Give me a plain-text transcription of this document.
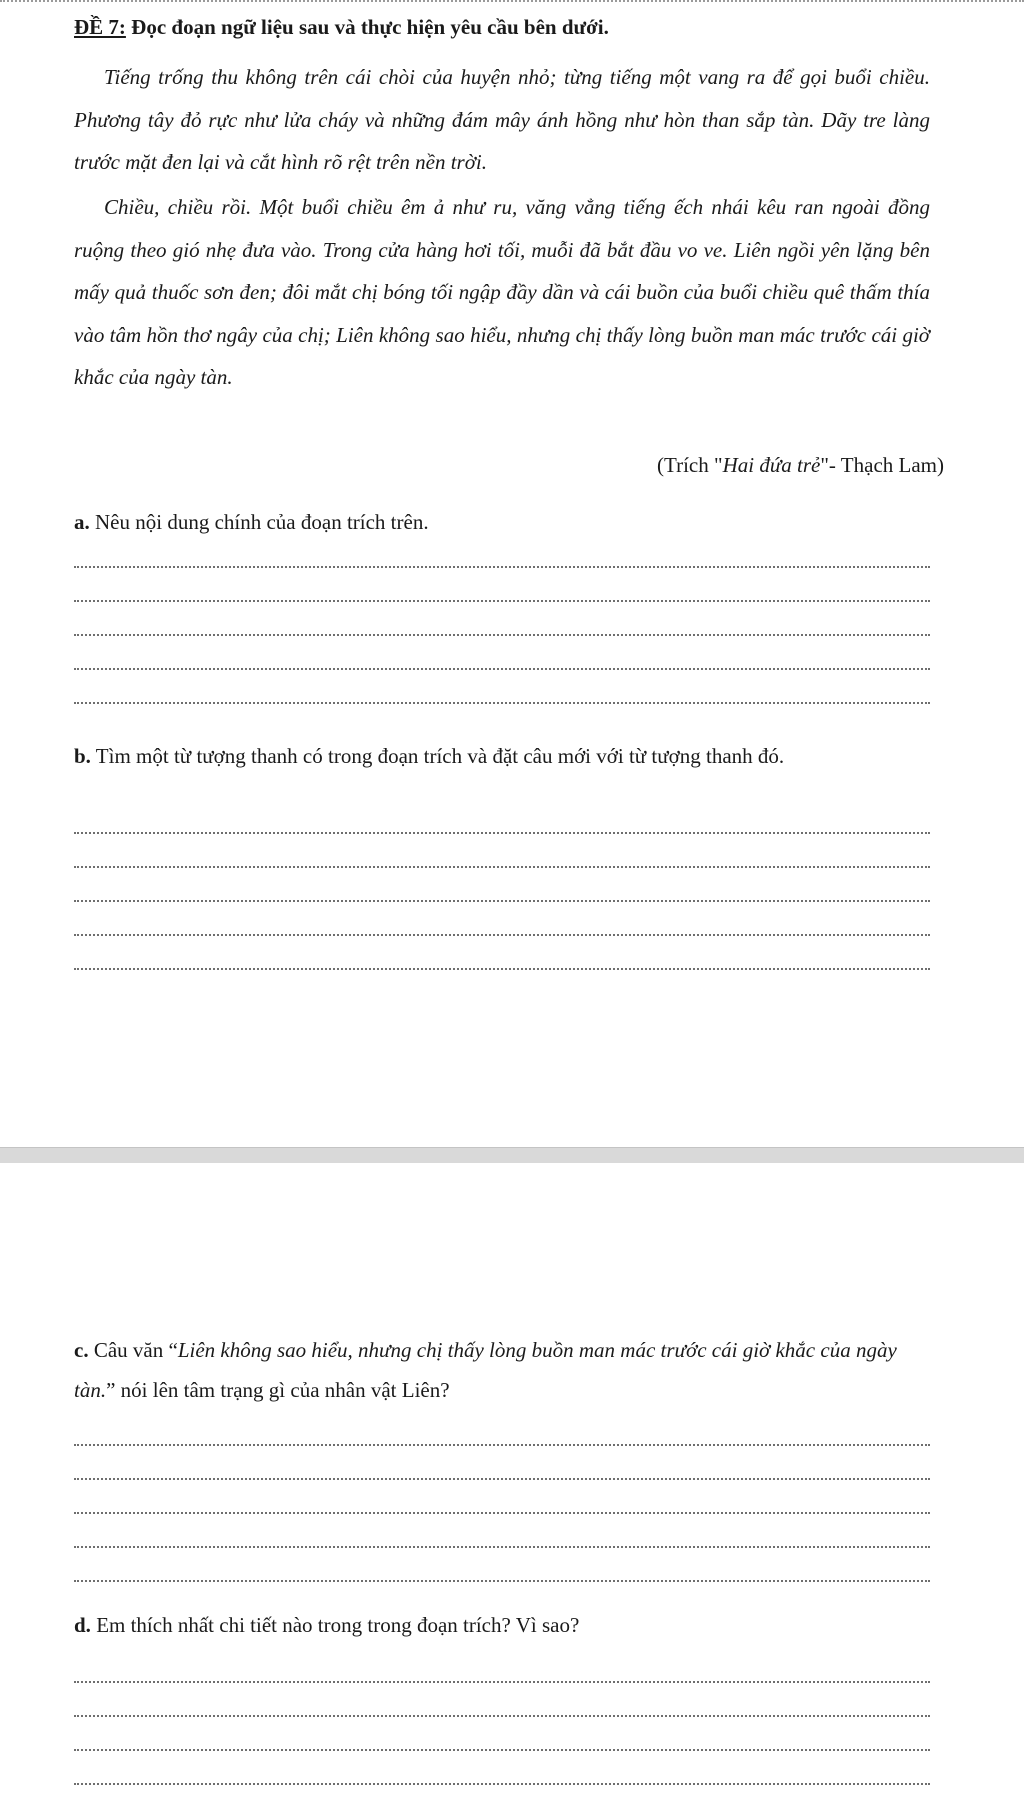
ĐỀ 7: Đọc đoạn ngữ liệu sau và thực hiện yêu cầu bên dưới.

Tiếng trống thu không trên cái chòi của huyện nhỏ; từng tiếng một vang ra để gọi buổi chiều. Phương tây đỏ rực như lửa cháy và những đám mây ánh hồng như hòn than sắp tàn. Dãy tre làng trước mặt đen lại và cắt hình rõ rệt trên nền trời.

Chiều, chiều rồi. Một buổi chiều êm ả như ru, văng vẳng tiếng ếch nhái kêu ran ngoài đồng ruộng theo gió nhẹ đưa vào. Trong cửa hàng hơi tối, muỗi đã bắt đầu vo ve. Liên ngồi yên lặng bên mấy quả thuốc sơn đen; đôi mắt chị bóng tối ngập đầy dần và cái buồn của buổi chiều quê thấm thía vào tâm hồn thơ ngây của chị; Liên không sao hiểu, nhưng chị thấy lòng buồn man mác trước cái giờ khắc của ngày tàn.

(Trích "Hai đứa trẻ"- Thạch Lam)

a. Nêu nội dung chính của đoạn trích trên.

b. Tìm một từ tượng thanh có trong đoạn trích và đặt câu mới với từ tượng thanh đó.

c. Câu văn “Liên không sao hiểu, nhưng chị thấy lòng buồn man mác trước cái giờ khắc của ngày tàn.” nói lên tâm trạng gì của nhân vật Liên?

d. Em thích nhất chi tiết nào trong trong đoạn trích? Vì sao?
